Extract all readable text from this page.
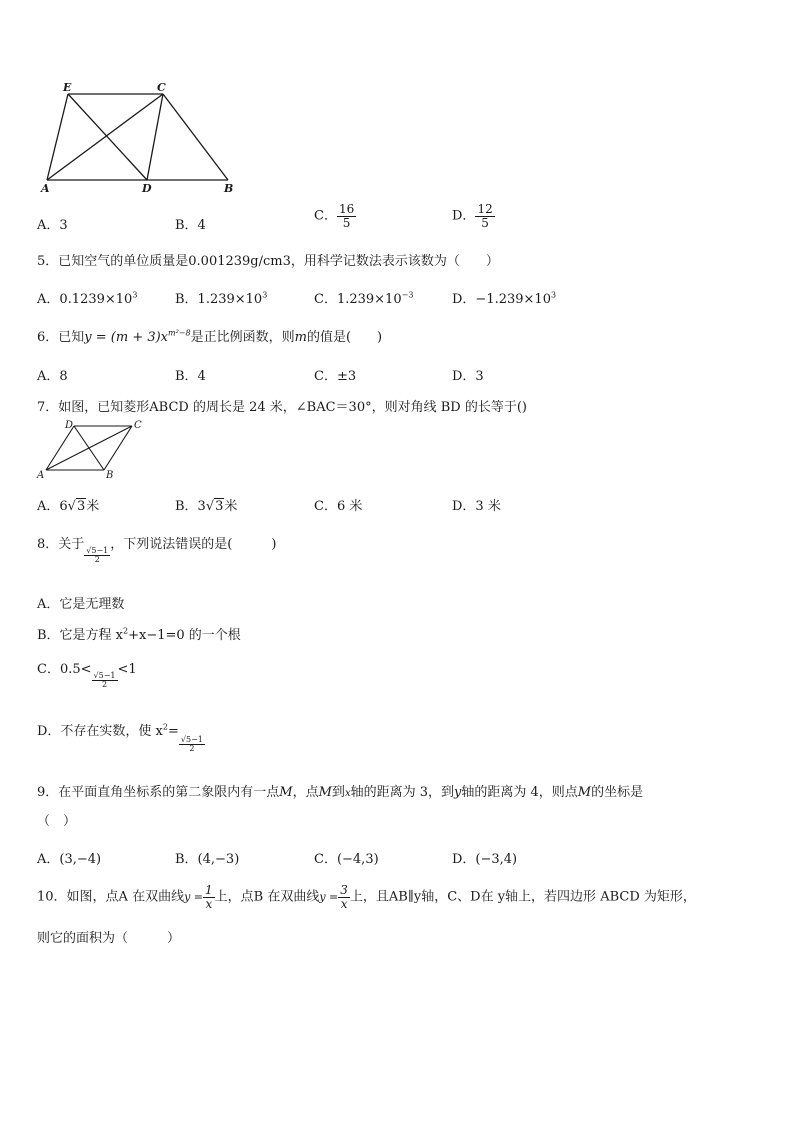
E	C
A	D	B
A．3	B．4
C． $\frac{16}{5}$	D． $\frac{12}{5}$
5．已知空气的单位质量是0.001239g/cm3，用科学记数法表示该数为（　　）
A．$0.1239\times 10^3$	B．$1.239\times 10^3$	C．$1.239\times 10^{-3}$	D．$-1.239\times 10^3$
6．已知$y = (m + 3)x^{m^2-8}$是正比例函数，则m的值是(　　)
A．8	B．4	C．±3	D．3
7．如图，已知菱形ABCD 的周长是 24 米，∠BAC＝30°，则对角线 BD 的长等于()
D	C
A	B
A．6√3米	B．3√3米	C．6 米	D．3 米
8．关于
$\frac{√5-1}{2}$
，下列说法错误的是(　　　)
A．它是无理数
B．它是方程 $x^2+x-1=0$ 的一个根
C．0.5<
$\frac{√5-1}{2}$
<1
D．不存在实数，使 $x^2=$
$\frac{√5-1}{2}$
9．在平面直角坐标系的第二象限内有一点M，点M到x轴的距离为 3，到y轴的距离为 4，则点M的坐标是
（　）
A．(3,−4)	B．(4,−3)	C．(−4,3)	D．(−3,4)
10．如图，点A 在双曲线$y = \frac{1}{x}$ 上，点B 在双曲线$y = \frac{3}{x}$ 上，且AB∥y轴，C、D在 y轴上，若四边形 ABCD 为矩形，
则它的面积为（　　　）
